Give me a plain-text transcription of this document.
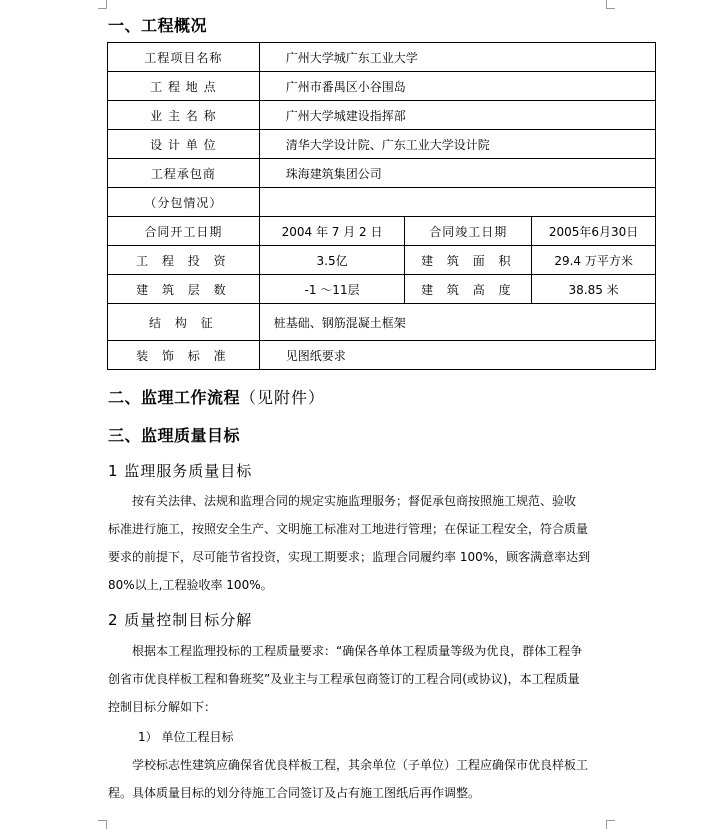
一、工程概况
工程项目名称	广州大学城广东工业大学		
工 程 地 点	广州市番禺区小谷围岛		
业 主 名 称	广州大学城建设指挥部		
设 计 单 位	清华大学设计院、广东工业大学设计院		
工程承包商	珠海建筑集团公司		
（分包情况）			
合同开工日期	2004 年 7 月 2 日	合同竣工日期	2005年6月30日
工 程 投 资	3.5亿	建 筑 面 积	29.4 万平方米
建 筑 层 数	-1 ～11层	建 筑 高 度	38.85 米
结 构 征	桩基础、钢筋混凝土框架		
装 饰 标 准	见图纸要求		
二、监理工作流程（见附件）
三、监理质量目标
1 监理服务质量目标

按有关法律、法规和监理合同的规定实施监理服务；督促承包商按照施工规范、验收

标准进行施工，按照安全生产、文明施工标准对工地进行管理；在保证工程安全，符合质量

要求的前提下，尽可能节省投资，实现工期要求；监理合同履约率 100%，顾客满意率达到

80%以上,工程验收率 100%。

2 质量控制目标分解

根据本工程监理投标的工程质量要求：“确保各单体工程质量等级为优良，群体工程争

创省市优良样板工程和鲁班奖”及业主与工程承包商签订的工程合同(或协议)，本工程质量

控制目标分解如下：

1） 单位工程目标

学校标志性建筑应确保省优良样板工程，其余单位（子单位）工程应确保市优良样板工

程。具体质量目标的划分待施工合同签订及占有施工图纸后再作调整。
